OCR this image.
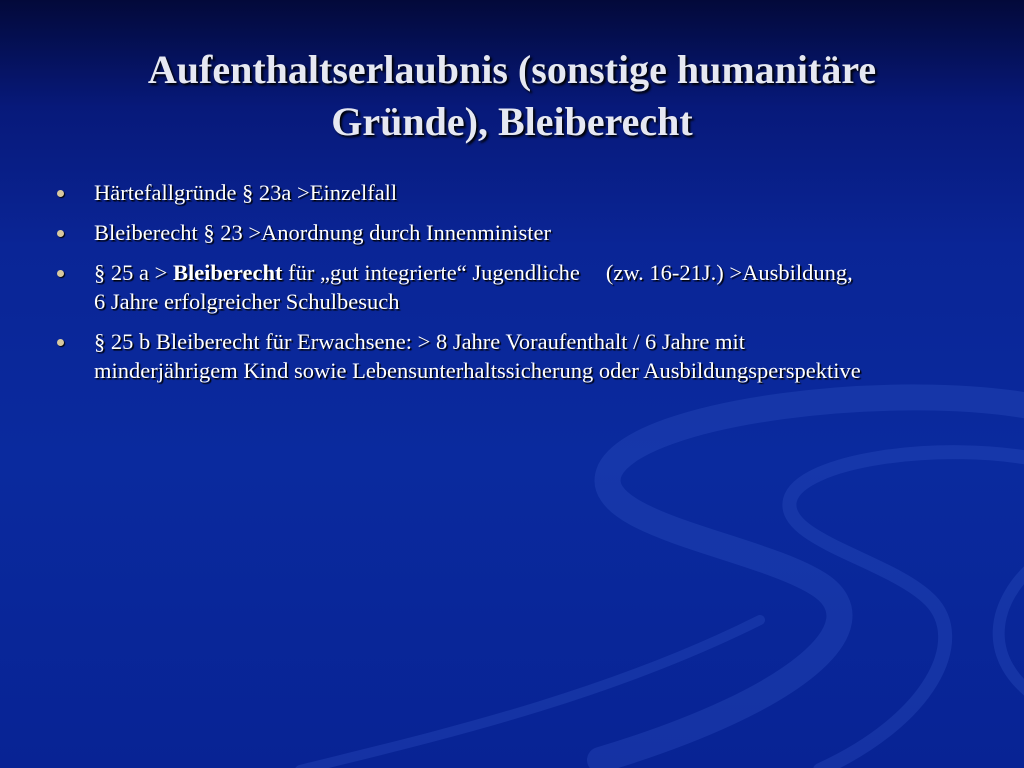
Aufenthaltserlaubnis (sonstige humanitäre
Gründe), Bleiberecht
Härtefallgründe § 23a >Einzelfall
Bleiberecht § 23 >Anordnung durch Innenminister
§ 25 a > Bleiberecht für „gut integrierte“ Jugendliche (zw. 16-21J.) >Ausbildung,
6 Jahre erfolgreicher Schulbesuch
§ 25 b Bleiberecht für Erwachsene: > 8 Jahre Voraufenthalt / 6 Jahre mit
minderjährigem Kind sowie Lebensunterhaltssicherung oder Ausbildungsperspektive
